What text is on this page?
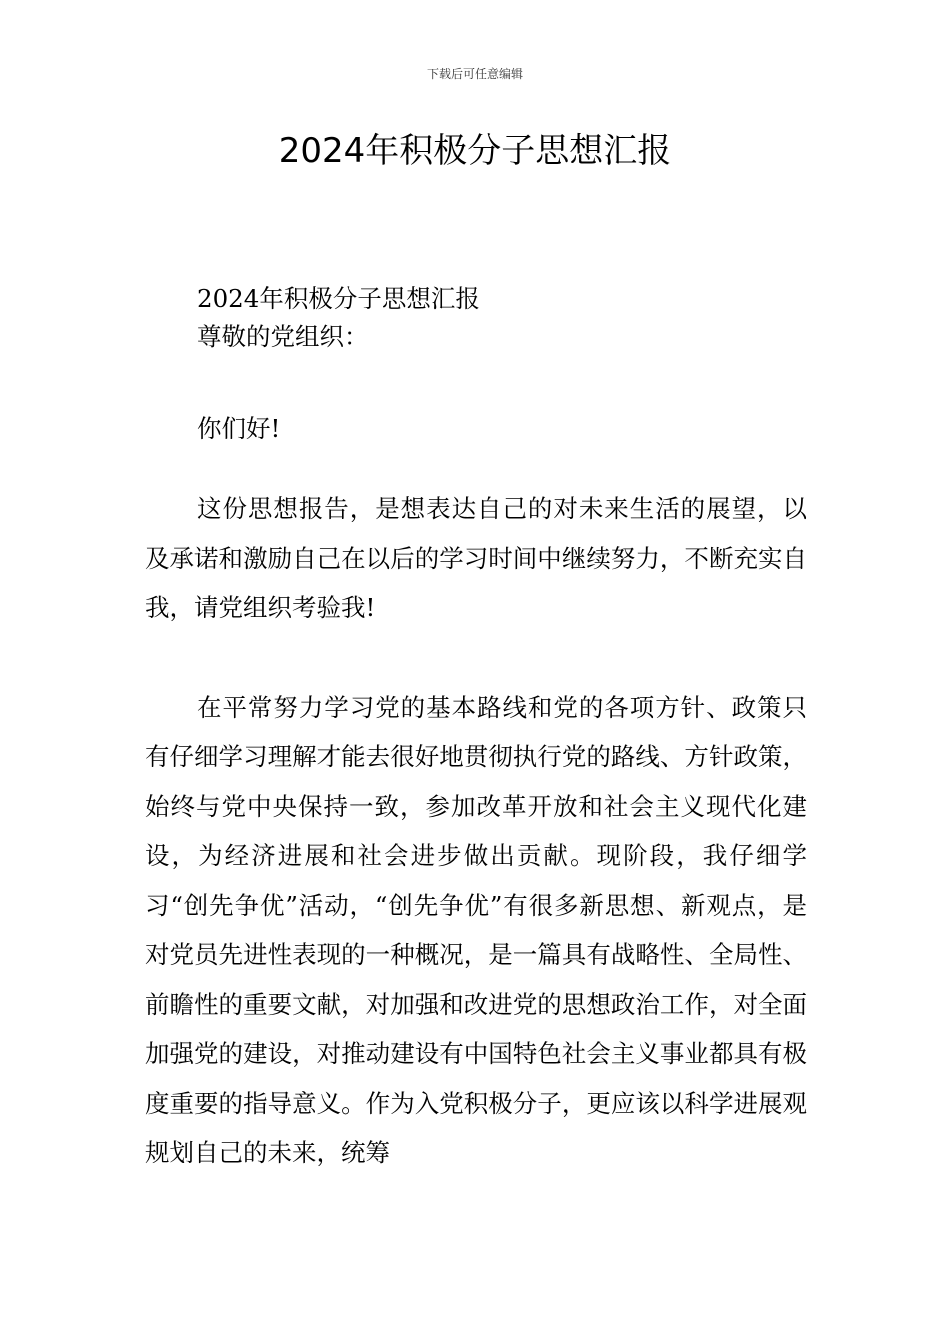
下载后可任意编辑
2024年积极分子思想汇报

2024年积极分子思想汇报

尊敬的党组织：

你们好!

这份思想报告，是想表达自己的对未来生活的展望，以及承诺和激励自己在以后的学习时间中继续努力，不断充实自我，请党组织考验我!

在平常努力学习党的基本路线和党的各项方针、政策只有仔细学习理解才能去很好地贯彻执行党的路线、方针政策，始终与党中央保持一致，参加改革开放和社会主义现代化建设，为经济进展和社会进步做出贡献。现阶段，我仔细学习“创先争优”活动，“创先争优”有很多新思想、新观点，是对党员先进性表现的一种概况，是一篇具有战略性、全局性、前瞻性的重要文献，对加强和改进党的思想政治工作，对全面加强党的建设，对推动建设有中国特色社会主义事业都具有极度重要的指导意义。作为入党积极分子，更应该以科学进展观规划自己的未来，统筹
